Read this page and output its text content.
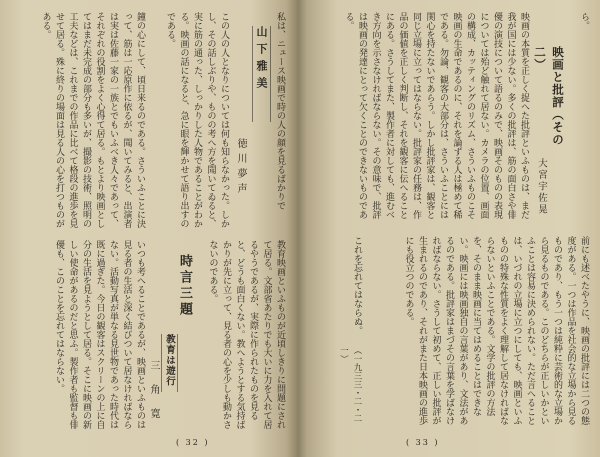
私は、ニュース映画で時の人の顔を見るばかりで
山下雅美
徳川夢声
この人の人となりについては何も知らなかった。しかし、その話しぶりや、ものの考へ方を聞いてゐると、実に筋の通った、しっかりした人物であることがわかる。映画の話になると、急に眼を輝かせて語り出すのである。
鐘の心にして、頃日来るのである。さういふことに決って、筋は一応原作に依るが、聞いてみると、出演者は実は佐藤一家の一族とでもいふべき人々であって、それぞれの役割をよく心得て居る。もとより映画としてはまだ未完成の部分も多いが、撮影の技術、照明の工夫などは、これまでの作品に比べて格段の進歩を見せて居る。殊に終りの場面は見る人の心を打つものがある。
教育映画といふものが近頃しきりに問題にされて居る。文部省あたりでも大いに力を入れて居るやうであるが、実際に作られたものを見ると、どうも面白くない。教へようとする気持ばかりが先に立って、見る者の心を少しも動かさないのである。
時言三題
教育は遊行
三角寛
いつも考へることであるが、映画といふものは見る者の生活と深く結びついて居なければならない。活動写真が単なる見世物であった時代は既に過ぎた。今日の観客はスクリーンの上に自分の生活を見ようとして居る。そこに映画の新しい使命があるのだと思ふ。製作者も監督も俳優も、このことを忘れてはならない。
( 32 )
ら。
映画と批評（その二）
大宮宇佐晃
映画の本質を正しく捉へた批評といふものは、まだ我が国には少ない。多くの批評は、筋の面白さや俳優の演技について語るのみで、映画そのものの表現については殆ど触れて居ない。カメラの位置、画面の構成、カッティングのリズム、さういふものこそ映画の生命であるのに、それを論ずる人は極めて稀である。勿論、観客の大部分は、さういふことには関心を持たないであらう。しかし批評家は、観客と同じ立場に立ってはならない。批評家の任務は、作品の価値を正しく判断し、それを観客に伝へることにある。さうしてまた、製作者に対しても、進むべき方向を示さなければならない。その意味で、批評は映画の発達にとって欠くことのできないものである。
前にも述べたやうに、映画の批評には二つの態度がある。一つは作品を社会的な立場から見るものであり、もう一つは純粋に芸術的な立場から見るものである。このどちらが正しいかといふことは容易に決められない。ただ言へることは、いづれの立場に立つにしても、映画といふものの特殊な性質をよく理解して居なければならないといふことである。文学の批評の方法を、そのまま映画に当てはめることはできない。映画には映画独自の言葉があり、文法があるのである。批評家はまづその言葉を学ばなければならない。さうして初めて、正しい批評が生まれるのであり、それがまた日本映画の進歩にも役立つのである。
これを忘れてはならぬ。
（一九三三・二・二一）
( 33 )
